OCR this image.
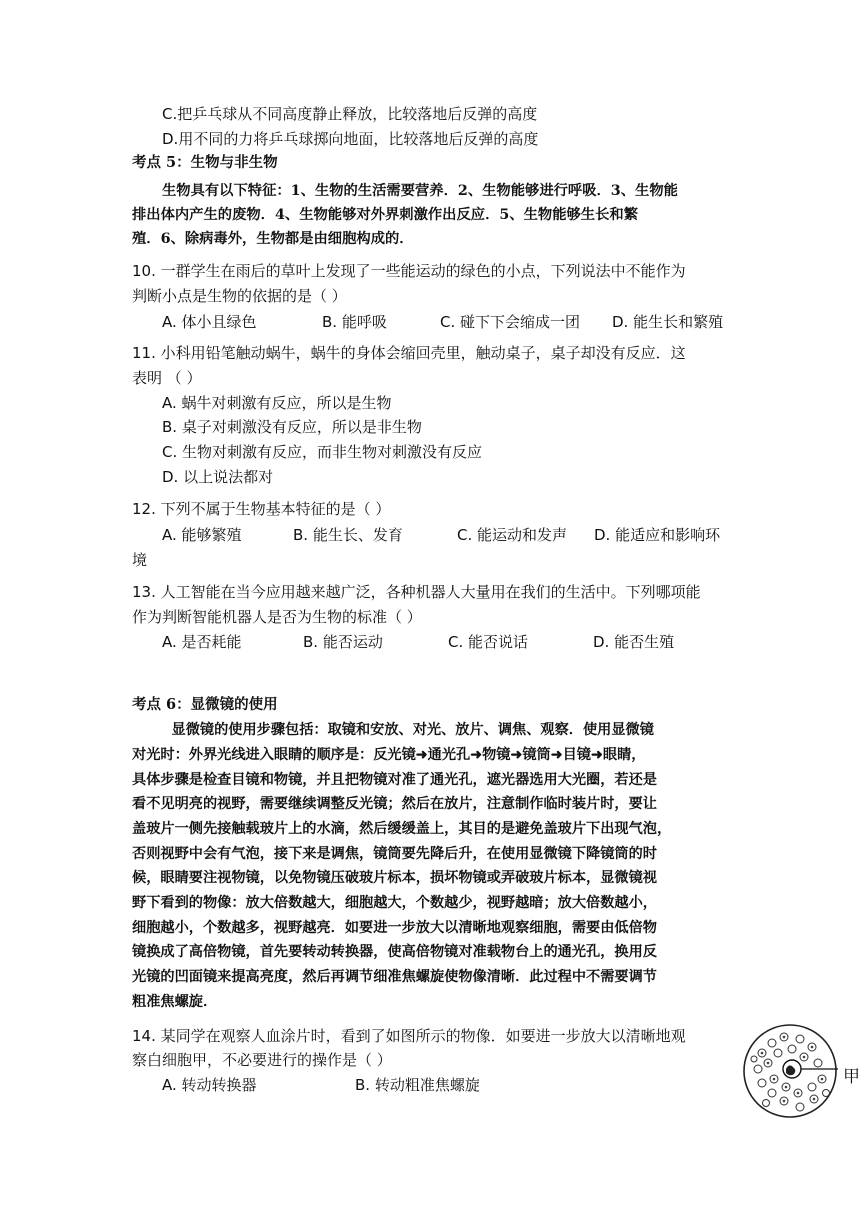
C.把乒乓球从不同高度静止释放，比较落地后反弹的高度
D.用不同的力将乒乓球掷向地面，比较落地后反弹的高度
考点 5：生物与非生物
生物具有以下特征：1、生物的生活需要营养．2、生物能够进行呼吸．3、生物能
排出体内产生的废物．4、生物能够对外界刺激作出反应．5、生物能够生长和繁
殖．6、除病毒外，生物都是由细胞构成的．
10. 一群学生在雨后的草叶上发现了一些能运动的绿色的小点，下列说法中不能作为
判断小点是生物的依据的是（ ）
A. 体小且绿色	B. 能呼吸	C. 碰下下会缩成一团 D. 能生长和繁殖
11. 小科用铅笔触动蜗牛，蜗牛的身体会缩回壳里，触动桌子，桌子却没有反应．这
表明 （ ）
A. 蜗牛对刺激有反应，所以是生物
B. 桌子对刺激没有反应，所以是非生物
C. 生物对刺激有反应，而非生物对刺激没有反应
D. 以上说法都对
12. 下列不属于生物基本特征的是（ ）
A. 能够繁殖	B. 能生长、发育	C. 能运动和发声 D. 能适应和影响环
境
13. 人工智能在当今应用越来越广泛，各种机器人大量用在我们的生活中。下列哪项能
作为判断智能机器人是否为生物的标准（ ）
A. 是否耗能	B. 能否运动	C. 能否说话	D. 能否生殖
考点 6：显微镜的使用
显微镜的使用步骤包括：取镜和安放、对光、放片、调焦、观察．使用显微镜
对光时：外界光线进入眼睛的顺序是：反光镜➜通光孔➜物镜➜镜筒➜目镜➜眼睛，
具体步骤是检查目镜和物镜，并且把物镜对准了通光孔，遮光器选用大光圈，若还是
看不见明亮的视野，需要继续调整反光镜；然后在放片，注意制作临时装片时，要让
盖玻片一侧先接触载玻片上的水滴，然后缓缓盖上，其目的是避免盖玻片下出现气泡，
否则视野中会有气泡，接下来是调焦，镜筒要先降后升，在使用显微镜下降镜筒的时
候，眼睛要注视物镜，以免物镜压破玻片标本，损坏物镜或弄破玻片标本，显微镜视
野下看到的物像：放大倍数越大，细胞越大，个数越少，视野越暗；放大倍数越小，
细胞越小，个数越多，视野越亮．如要进一步放大以清晰地观察细胞，需要由低倍物
镜换成了高倍物镜，首先要转动转换器，使高倍物镜对准载物台上的通光孔，换用反
光镜的凹面镜来提高亮度，然后再调节细准焦螺旋使物像清晰．此过程中不需要调节
粗准焦螺旋．
14. 某同学在观察人血涂片时，看到了如图所示的物像．如要进一步放大以清晰地观
察白细胞甲，不必要进行的操作是（ ）
A. 转动转换器	B. 转动粗准焦螺旋	甲
